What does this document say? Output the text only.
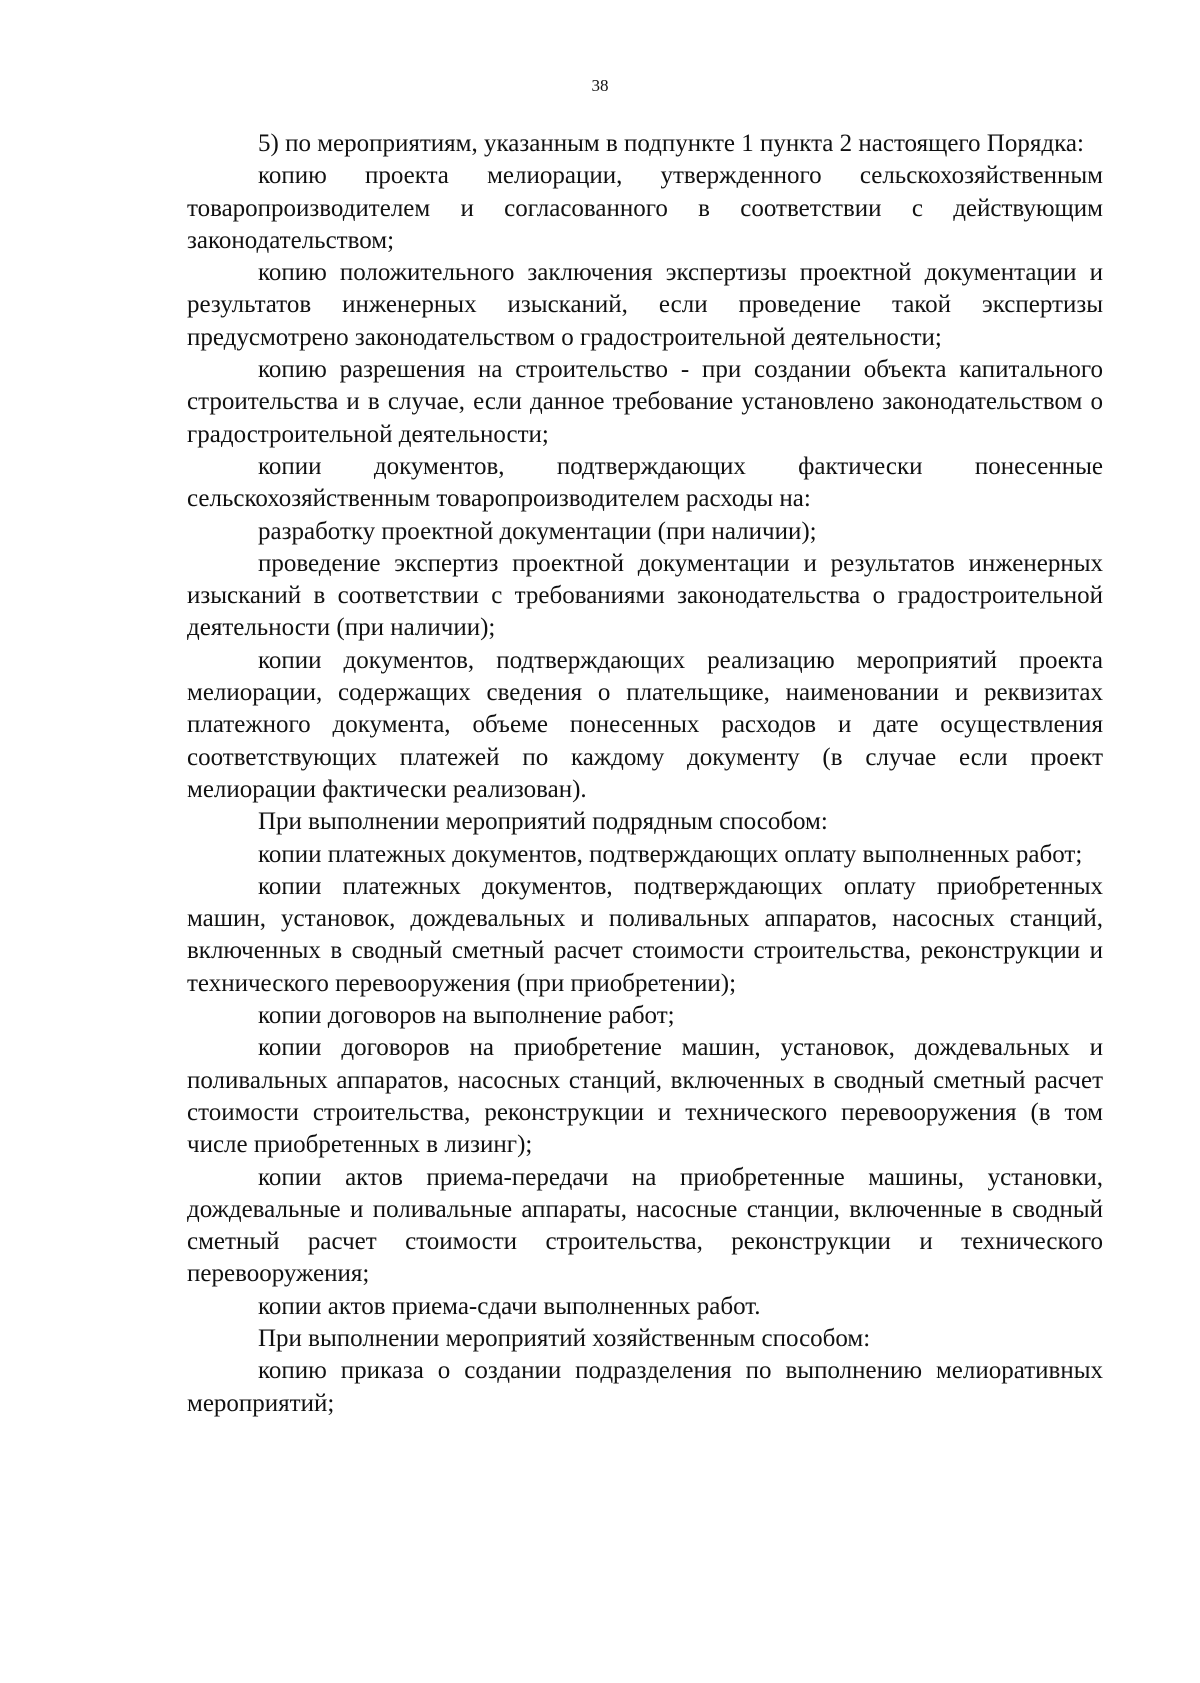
38

5) по мероприятиям, указанным в подпункте 1 пункта 2 настоящего Порядка:

копию проекта мелиорации, утвержденного сельскохозяйственным товаропроизводителем и согласованного в соответствии с действующим законодательством;

копию положительного заключения экспертизы проектной документации и результатов инженерных изысканий, если проведение такой экспертизы предусмотрено законодательством о градостроительной деятельности;

копию разрешения на строительство - при создании объекта капитального строительства и в случае, если данное требование установлено законодательством о градостроительной деятельности;

копии документов, подтверждающих фактически понесенные сельскохозяйственным товаропроизводителем расходы на:

разработку проектной документации (при наличии);

проведение экспертиз проектной документации и результатов инженерных изысканий в соответствии с требованиями законодательства о градостроительной деятельности (при наличии);

копии документов, подтверждающих реализацию мероприятий проекта мелиорации, содержащих сведения о плательщике, наименовании и реквизитах платежного документа, объеме понесенных расходов и дате осуществления соответствующих платежей по каждому документу (в случае если проект мелиорации фактически реализован).

При выполнении мероприятий подрядным способом:

копии платежных документов, подтверждающих оплату выполненных работ;

копии платежных документов, подтверждающих оплату приобретенных машин, установок, дождевальных и поливальных аппаратов, насосных станций, включенных в сводный сметный расчет стоимости строительства, реконструкции и технического перевооружения (при приобретении);

копии договоров на выполнение работ;

копии договоров на приобретение машин, установок, дождевальных и поливальных аппаратов, насосных станций, включенных в сводный сметный расчет стоимости строительства, реконструкции и технического перевооружения (в том числе приобретенных в лизинг);

копии актов приема-передачи на приобретенные машины, установки, дождевальные и поливальные аппараты, насосные станции, включенные в сводный сметный расчет стоимости строительства, реконструкции и технического перевооружения;

копии актов приема-сдачи выполненных работ.

При выполнении мероприятий хозяйственным способом:

копию приказа о создании подразделения по выполнению мелиоративных мероприятий;
